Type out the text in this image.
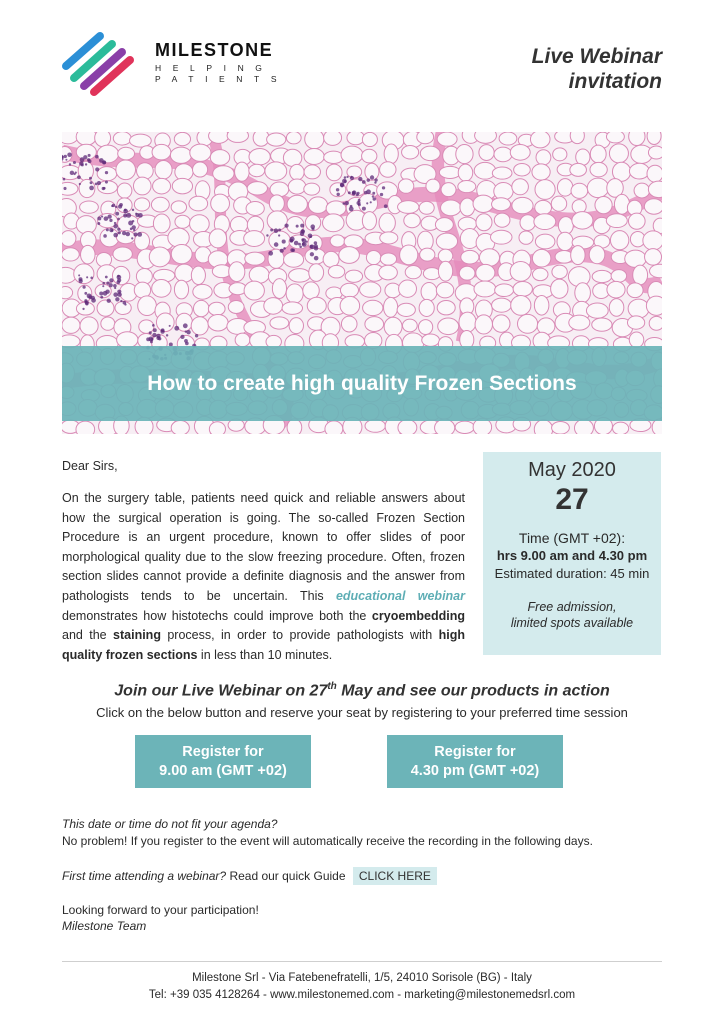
MILESTONE
HELPING
PATIENTS
Live Webinar
invitation
How to create high quality Frozen Sections
Dear Sirs,
On the surgery table, patients need quick and reliable answers about how the surgical operation is going. The so-called Frozen Section Procedure is an urgent procedure, known to offer slides of poor morphological quality due to the slow freezing procedure. Often, frozen section slides cannot provide a definite diagnosis and the answer from pathologists tends to be uncertain. This educational webinar demonstrates how histotechs could improve both the cryoembedding and the staining process, in order to provide pathologists with high quality frozen sections in less than 10 minutes.
May 2020
27
Time (GMT +02):
hrs 9.00 am and 4.30 pm
Estimated duration: 45 min
Free admission,
limited spots available
Join our Live Webinar on 27th May and see our products in action
Click on the below button and reserve your seat by registering to your preferred time session
Register for
9.00 am (GMT +02)
Register for
4.30 pm (GMT +02)
This date or time do not fit your agenda?
No problem! If you register to the event will automatically receive the recording in the following days.
First time attending a webinar? Read our quick Guide CLICK HERE
Looking forward to your participation!
Milestone Team
Milestone Srl - Via Fatebenefratelli, 1/5, 24010 Sorisole (BG) - Italy
Tel: +39 035 4128264 - www.milestonemed.com - marketing@milestonemedsrl.com
